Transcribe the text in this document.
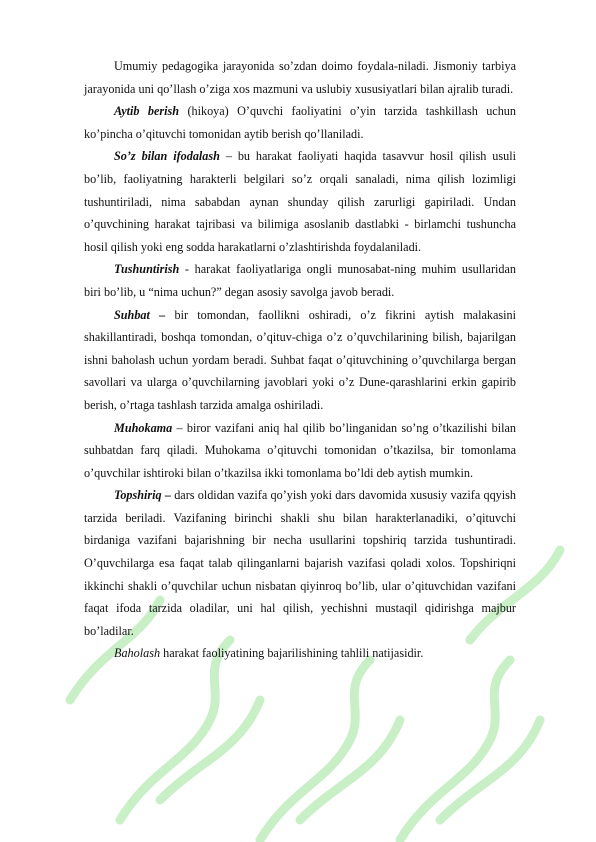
Umumiy pedagogika jarayonida so’zdan doimo foydala-niladi. Jismoniy tarbiya jarayonida uni qo’llash o’ziga xos mazmuni va uslubiy xususiyatlari bilan ajralib turadi.

Aytib berish (hikoya) O’quvchi faoliyatini o’yin tarzida tashkillash uchun ko’pincha o’qituvchi tomonidan aytib berish qo’llaniladi.

So’z bilan ifodalash – bu harakat faoliyati haqida tasavvur hosil qilish usuli bo’lib, faoliyatning harakterli belgilari so’z orqali sanaladi, nima qilish lozimligi tushuntiriladi, nima sababdan aynan shunday qilish zarurligi gapiriladi. Undan o’quvchining harakat tajribasi va bilimiga asoslanib dastlabki - birlamchi tushuncha hosil qilish yoki eng sodda harakatlarni o’zlashtirishda foydalaniladi.

Tushuntirish - harakat faoliyatlariga ongli munosabat-ning muhim usullaridan biri bo’lib, u “nima uchun?” degan asosiy savolga javob beradi.

Suhbat – bir tomondan, faollikni oshiradi, o’z fikrini aytish malakasini shakillantiradi, boshqa tomondan, o’qituv-chiga o’z o’quvchilarining bilish, bajarilgan ishni baholash uchun yordam beradi. Suhbat faqat o’qituvchining o’quvchilarga bergan savollari va ularga o’quvchilarning javoblari yoki o’z Dune-qarashlarini erkin gapirib berish, o’rtaga tashlash tarzida amalga oshiriladi.

Muhokama – biror vazifani aniq hal qilib bo’linganidan so’ng o’tkazilishi bilan suhbatdan farq qiladi. Muhokama o’qituvchi tomonidan o’tkazilsa, bir tomonlama o’quvchilar ishtiroki bilan o’tkazilsa ikki tomonlama bo’ldi deb aytish mumkin.

Topshiriq – dars oldidan vazifa qo’yish yoki dars davomida xususiy vazifa qqyish tarzida beriladi. Vazifaning birinchi shakli shu bilan harakterlanadiki, o’qituvchi birdaniga vazifani bajarishning bir necha usullarini topshiriq tarzida tushuntiradi. O’quvchilarga esa faqat talab qilinganlarni bajarish vazifasi qoladi xolos. Topshiriqni ikkinchi shakli o’quvchilar uchun nisbatan qiyinroq bo’lib, ular o’qituvchidan vazifani faqat ifoda tarzida oladilar, uni hal qilish, yechishni mustaqil qidirishga majbur bo’ladilar.

Baholash harakat faoliyatining bajarilishining tahlili natijasidir.
